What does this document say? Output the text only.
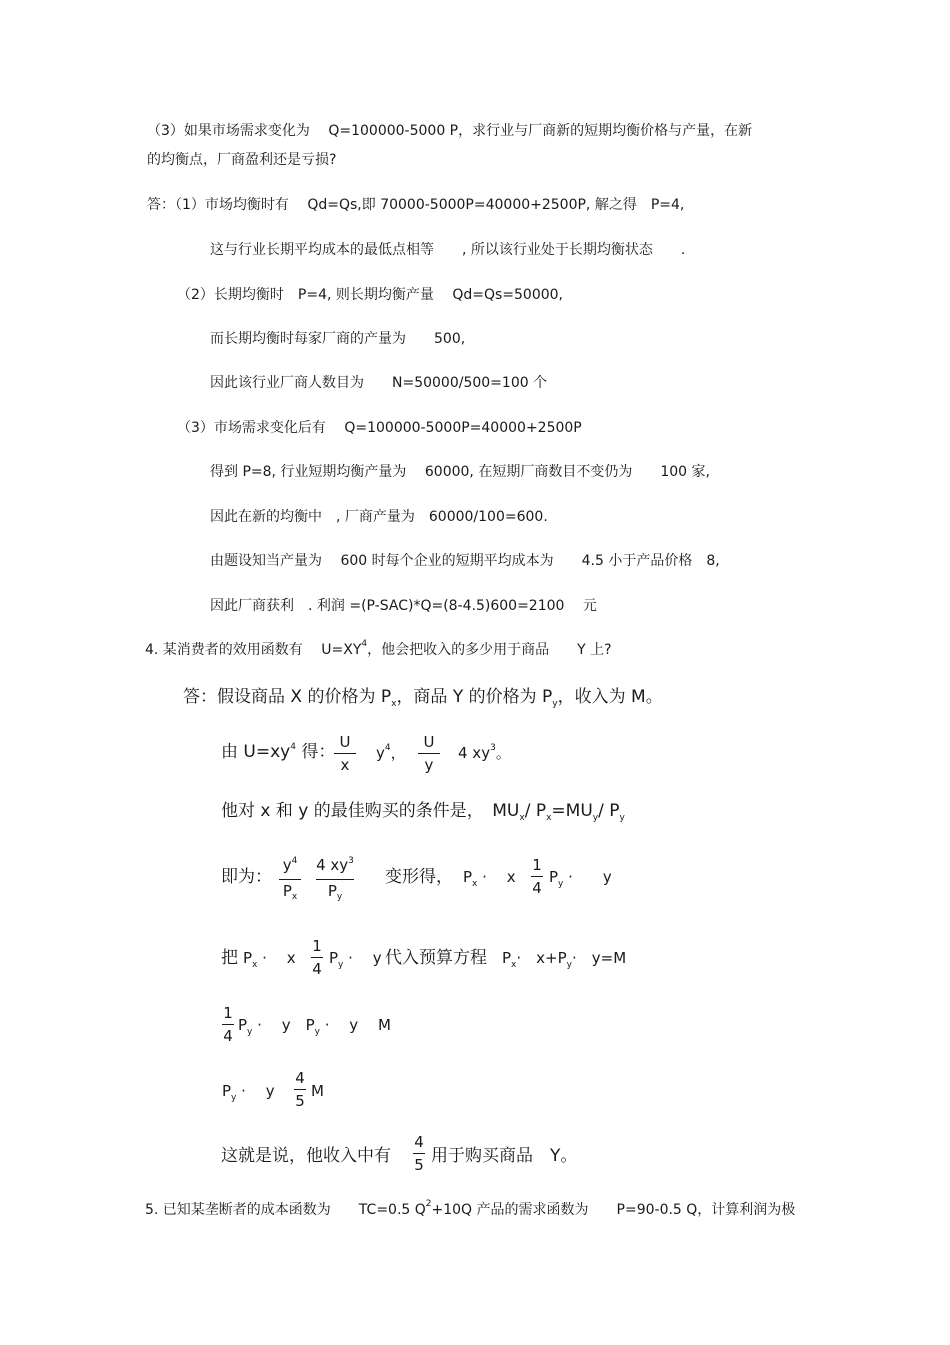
（3）如果市场需求变化为　 Q=100000-5000 P，求行业与厂商新的短期均衡价格与产量，在新
的均衡点，厂商盈利还是亏损?
答：（1）市场均衡时有　 Qd=Qs,即 70000-5000P=40000+2500P, 解之得　P=4,
这与行业长期平均成本的最低点相等　　, 所以该行业处于长期均衡状态　　.
（2）长期均衡时　P=4, 则长期均衡产量　 Qd=Qs=50000,
而长期均衡时每家厂商的产量为　　500,
因此该行业厂商人数目为　　N=50000/500=100 个
（3）市场需求变化后有　 Q=100000-5000P=40000+2500P
得到 P=8, 行业短期均衡产量为　 60000, 在短期厂商数目不变仍为　　100 家,
因此在新的均衡中　, 厂商产量为　60000/100=600.
由题设知当产量为　 600 时每个企业的短期平均成本为　　4.5 小于产品价格　8,
因此厂商获利　. 利润 =(P-SAC)*Q=(8-4.5)600=2100　 元
4. 某消费者的效用函数有　 $U=XY^4$，他会把收入的多少用于商品　　Y 上?
答：假设商品 X 的价格为 $P_x$，商品 Y 的价格为 $P_y$，收入为 M。
由 $U=xy^4$ 得： U
x
$y^4$，
U
y
4 $xy^3$。
他对 x 和 y 的最佳购买的条件是，　$MU_x/$ $P_x=MU_y/$ $P_y$
即为：
$y^4$
$P_x$
4 $xy^3$
$P_y$
变形得， $P_x$ ·　 x
1
4
$P_y$ ·　　y
把 $P_x$ ·　 x
1
4
$P_y$ ·　 y 代入预算方程 $P_x\cdot$　$x+P_y\cdot$　y=M
1
4
$P_y$ ·　 y　 $P_y$ ·　 y　 M
$P_y$ ·　 y
4
5
M
这就是说，他收入中有
4
5 用于购买商品　Y。
5. 已知某垄断者的成本函数为　　TC=0.5 $Q^2+10Q$ 产品的需求函数为　　P=90-0.5 Q，计算利润为极
